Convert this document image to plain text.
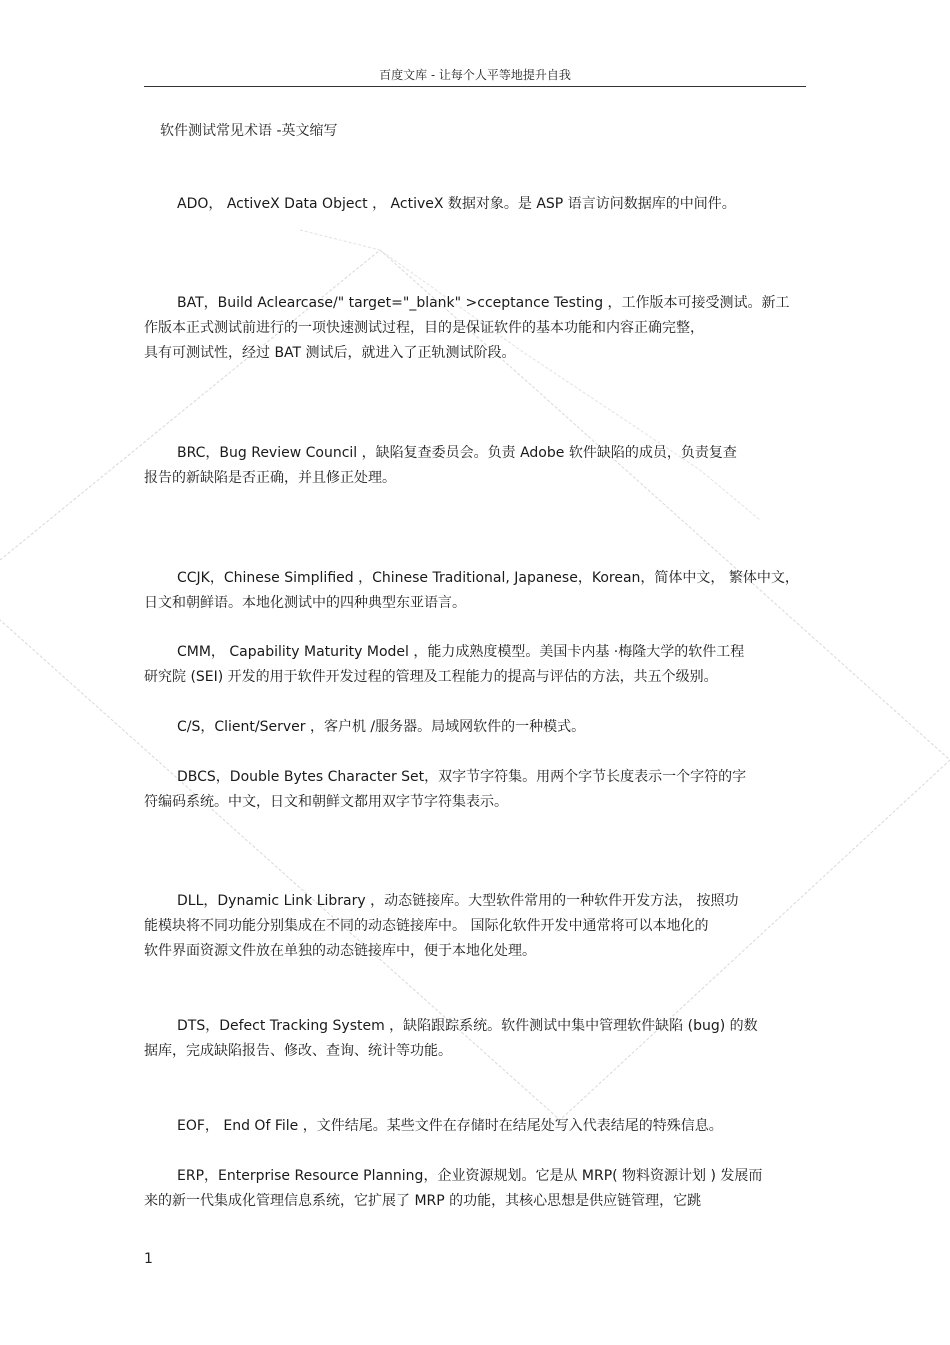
百度文库 - 让每个人平等地提升自我
软件测试常见术语 -英文缩写
ADO， ActiveX Data Object ， ActiveX 数据对象。是 ASP 语言访问数据库的中间件。
BAT，Build Aclearcase/" target="_blank" >cceptance Testing ，工作版本可接受测试。新工
作版本正式测试前进行的一项快速测试过程，目的是保证软件的基本功能和内容正确完整，
具有可测试性，经过 BAT 测试后，就进入了正轨测试阶段。
BRC，Bug Review Council ，缺陷复查委员会。负责 Adobe 软件缺陷的成员，负责复查
报告的新缺陷是否正确，并且修正处理。
CCJK，Chinese Simplified ，Chinese Traditional, Japanese，Korean，简体中文， 繁体中文，
日文和朝鲜语。本地化测试中的四种典型东亚语言。
CMM， Capability Maturity Model ，能力成熟度模型。美国卡内基 ·梅隆大学的软件工程
研究院 (SEI) 开发的用于软件开发过程的管理及工程能力的提高与评估的方法，共五个级别。
C/S，Client/Server ，客户机 /服务器。局域网软件的一种模式。
DBCS，Double Bytes Character Set，双字节字符集。用两个字节长度表示一个字符的字
符编码系统。中文，日文和朝鲜文都用双字节字符集表示。
DLL，Dynamic Link Library ，动态链接库。大型软件常用的一种软件开发方法， 按照功
能模块将不同功能分别集成在不同的动态链接库中。 国际化软件开发中通常将可以本地化的
软件界面资源文件放在单独的动态链接库中，便于本地化处理。
DTS，Defect Tracking System ，缺陷跟踪系统。软件测试中集中管理软件缺陷 (bug) 的数
据库，完成缺陷报告、修改、查询、统计等功能。
EOF， End Of File ，文件结尾。某些文件在存储时在结尾处写入代表结尾的特殊信息。
ERP，Enterprise Resource Planning，企业资源规划。它是从 MRP( 物料资源计划 ) 发展而
来的新一代集成化管理信息系统，它扩展了 MRP 的功能，其核心思想是供应链管理，它跳
1
